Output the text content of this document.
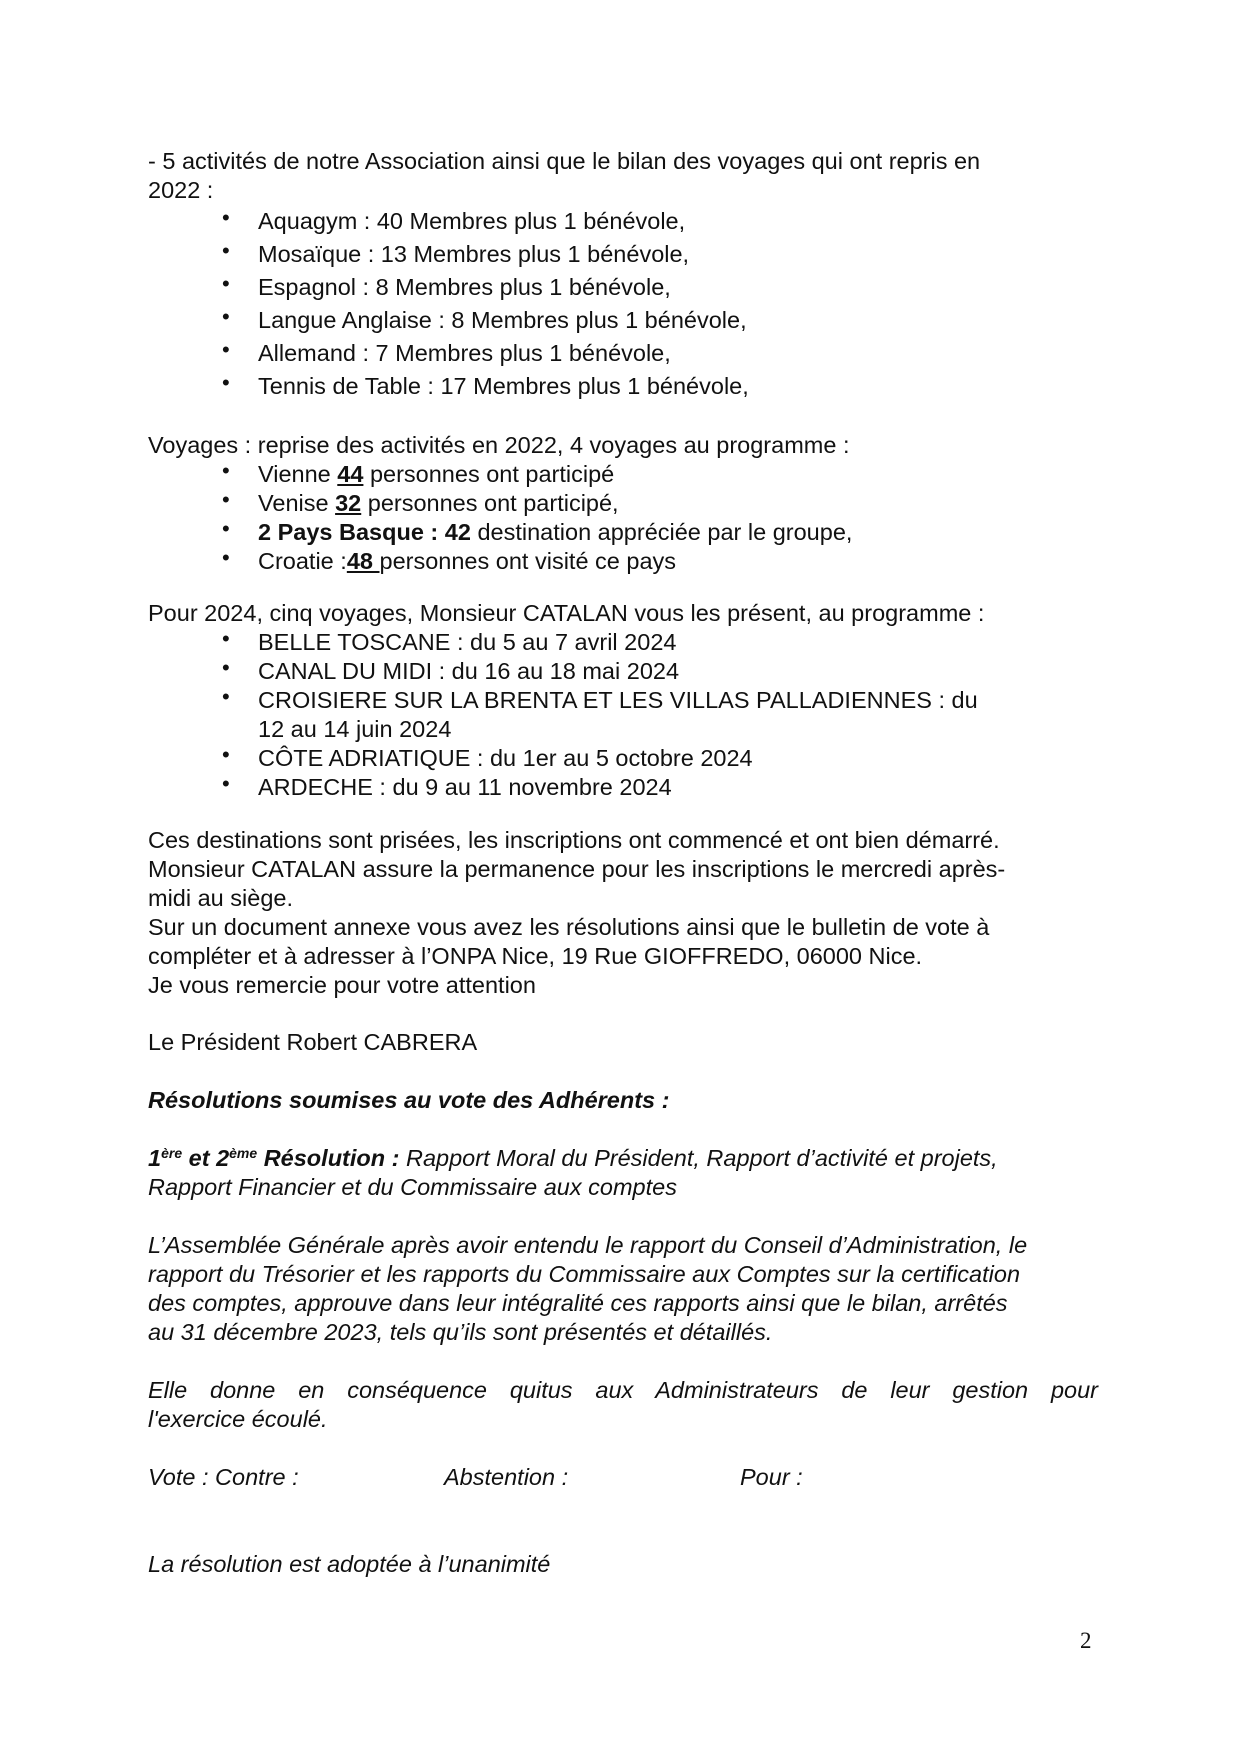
- 5 activités de notre Association ainsi que le bilan des voyages qui ont repris en

2022 :

• Aquagym : 40 Membres plus 1 bénévole,
• Mosaïque : 13 Membres plus 1 bénévole,
• Espagnol : 8 Membres plus 1 bénévole,
• Langue Anglaise : 8 Membres plus 1 bénévole,
• Allemand : 7 Membres plus 1 bénévole,
• Tennis de Table : 17 Membres plus 1 bénévole,

Voyages : reprise des activités en 2022, 4 voyages au programme :

• Vienne 44 personnes ont participé
• Venise 32 personnes ont participé,
• 2 Pays Basque : 42 destination appréciée par le groupe,
• Croatie :48 personnes ont visité ce pays

Pour 2024, cinq voyages, Monsieur CATALAN vous les présent, au programme :

• BELLE TOSCANE : du 5 au 7 avril 2024
• CANAL DU MIDI : du 16 au 18 mai 2024
• CROISIERE SUR LA BRENTA ET LES VILLAS PALLADIENNES : du 12 au 14 juin 2024
• CÔTE ADRIATIQUE : du 1er au 5 octobre 2024
• ARDECHE : du 9 au 11 novembre 2024

Ces destinations sont prisées, les inscriptions ont commencé et ont bien démarré.

Monsieur CATALAN assure la permanence pour les inscriptions le mercredi après-

midi au siège.

Sur un document annexe vous avez les résolutions ainsi que le bulletin de vote à

compléter et à adresser à l’ONPA Nice, 19 Rue GIOFFREDO, 06000 Nice.

Je vous remercie pour votre attention

Le Président Robert CABRERA

Résolutions soumises au vote des Adhérents :

1ère et 2ème Résolution : Rapport Moral du Président, Rapport d’activité et projets,

Rapport Financier et du Commissaire aux comptes

L’Assemblée Générale après avoir entendu le rapport du Conseil d’Administration, le

rapport du Trésorier et les rapports du Commissaire aux Comptes sur la certification

des comptes, approuve dans leur intégralité ces rapports ainsi que le bilan, arrêtés

au 31 décembre 2023, tels qu’ils sont présentés et détaillés.

Elle donne en conséquence quitus aux Administrateurs de leur gestion pour

l'exercice écoulé.

Vote : Contre :	Abstention :	Pour :

La résolution est adoptée à l’unanimité

2
